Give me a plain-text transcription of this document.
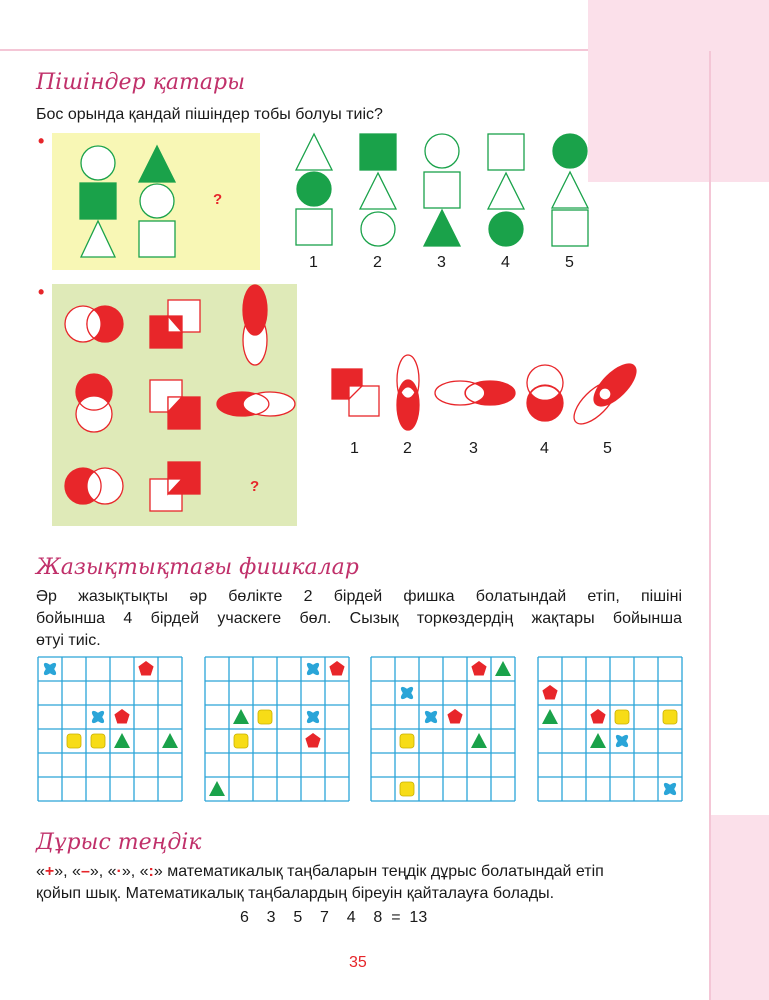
Пішіндер қатары
Бос орында қандай пішіндер тобы болуы тиіс?
•
?
1	2	3	4	5
•
?
1	2	3	4	5
Жазықтықтағы фишкалар
Әр жазықтықты әр бөлікте 2 бірдей фишка болатындай етіп, пішіні
бойынша 4 бірдей учаскеге бөл. Сызық торкөздердің жақтары бойынша
өтуі тиіс.
Дұрыс теңдік
«+», «–», «·», «:» математикалық таңбаларын теңдік дұрыс болатындай етіп
қойып шық. Математикалық таңбалардың біреуін қайталауға болады.
6    3    5    7    4    8  =  13
35
